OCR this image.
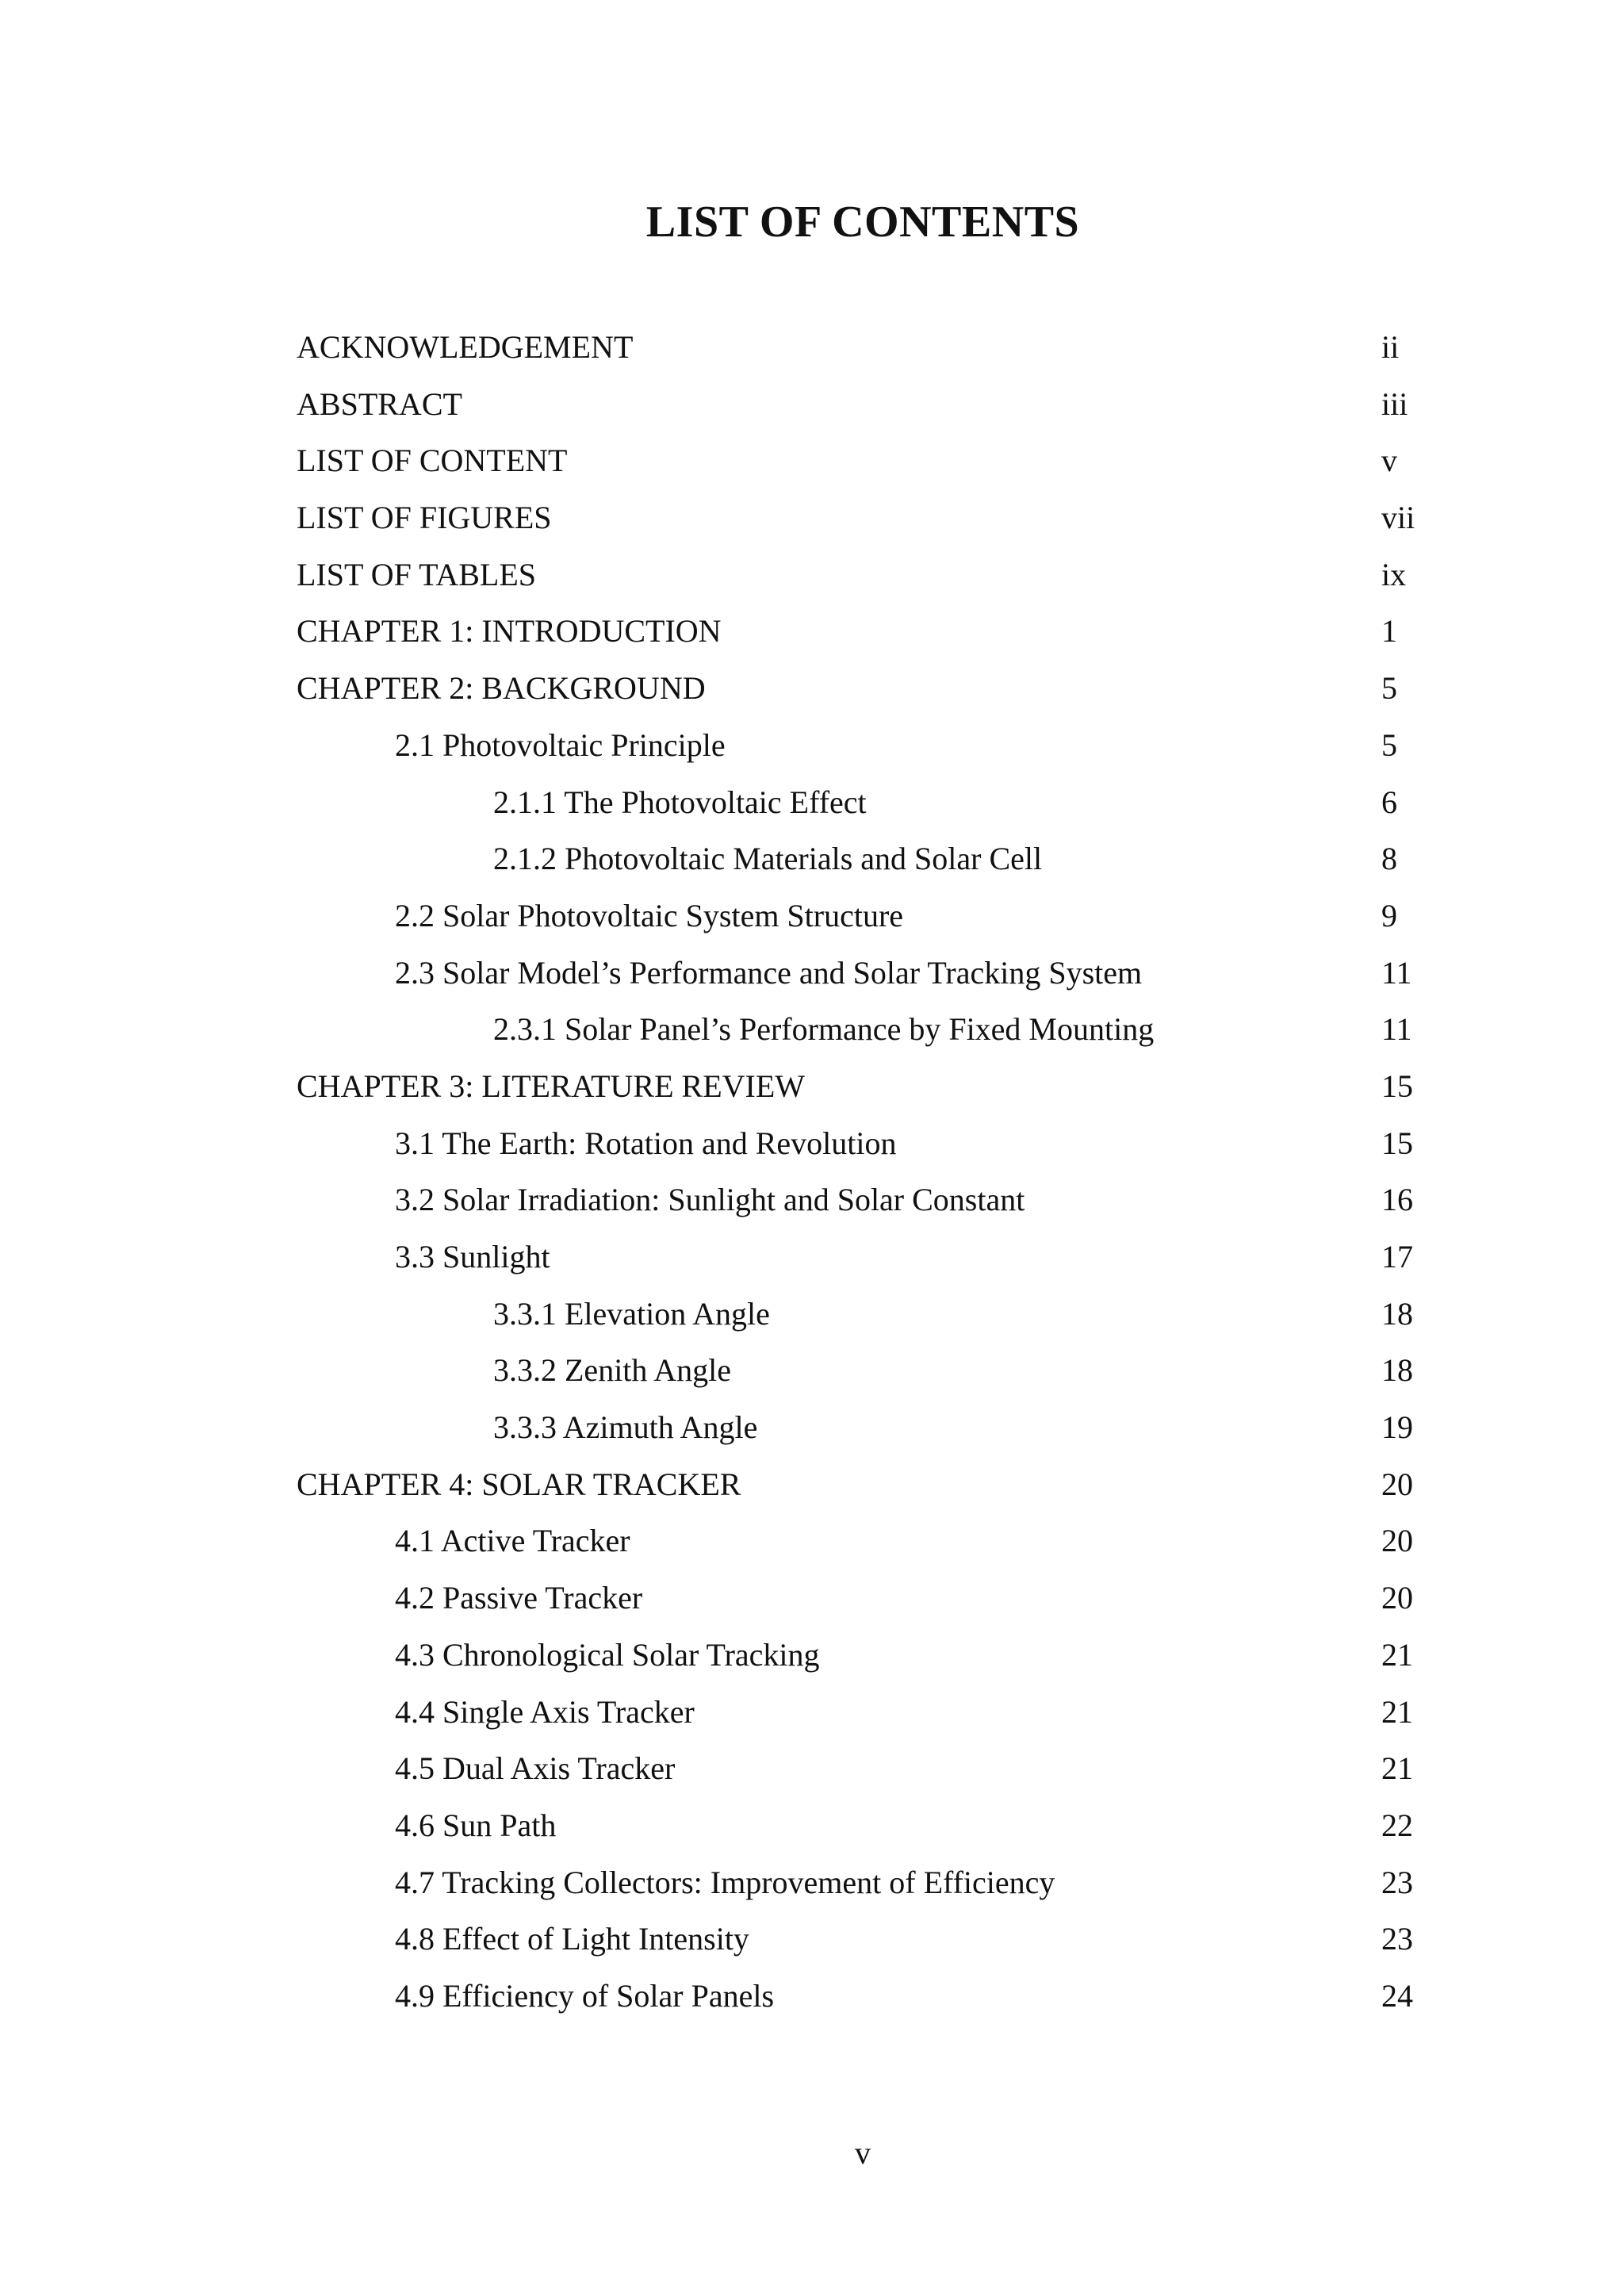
LIST OF CONTENTS
ACKNOWLEDGEMENT	ii
ABSTRACT	iii
LIST OF CONTENT	v
LIST OF FIGURES	vii
LIST OF TABLES	ix
CHAPTER 1: INTRODUCTION	1
CHAPTER 2: BACKGROUND	5
2.1 Photovoltaic Principle	5
2.1.1 The Photovoltaic Effect	6
2.1.2 Photovoltaic Materials and Solar Cell	8
2.2 Solar Photovoltaic System Structure	9
2.3 Solar Model’s Performance and Solar Tracking System	11
2.3.1 Solar Panel’s Performance by Fixed Mounting	11
CHAPTER 3: LITERATURE REVIEW	15
3.1 The Earth: Rotation and Revolution	15
3.2 Solar Irradiation: Sunlight and Solar Constant	16
3.3 Sunlight	17
3.3.1 Elevation Angle	18
3.3.2 Zenith Angle	18
3.3.3 Azimuth Angle	19
CHAPTER 4: SOLAR TRACKER	20
4.1 Active Tracker	20
4.2 Passive Tracker	20
4.3 Chronological Solar Tracking	21
4.4 Single Axis Tracker	21
4.5 Dual Axis Tracker	21
4.6 Sun Path	22
4.7 Tracking Collectors: Improvement of Efficiency	23
4.8 Effect of Light Intensity	23
4.9 Efficiency of Solar Panels	24
v
